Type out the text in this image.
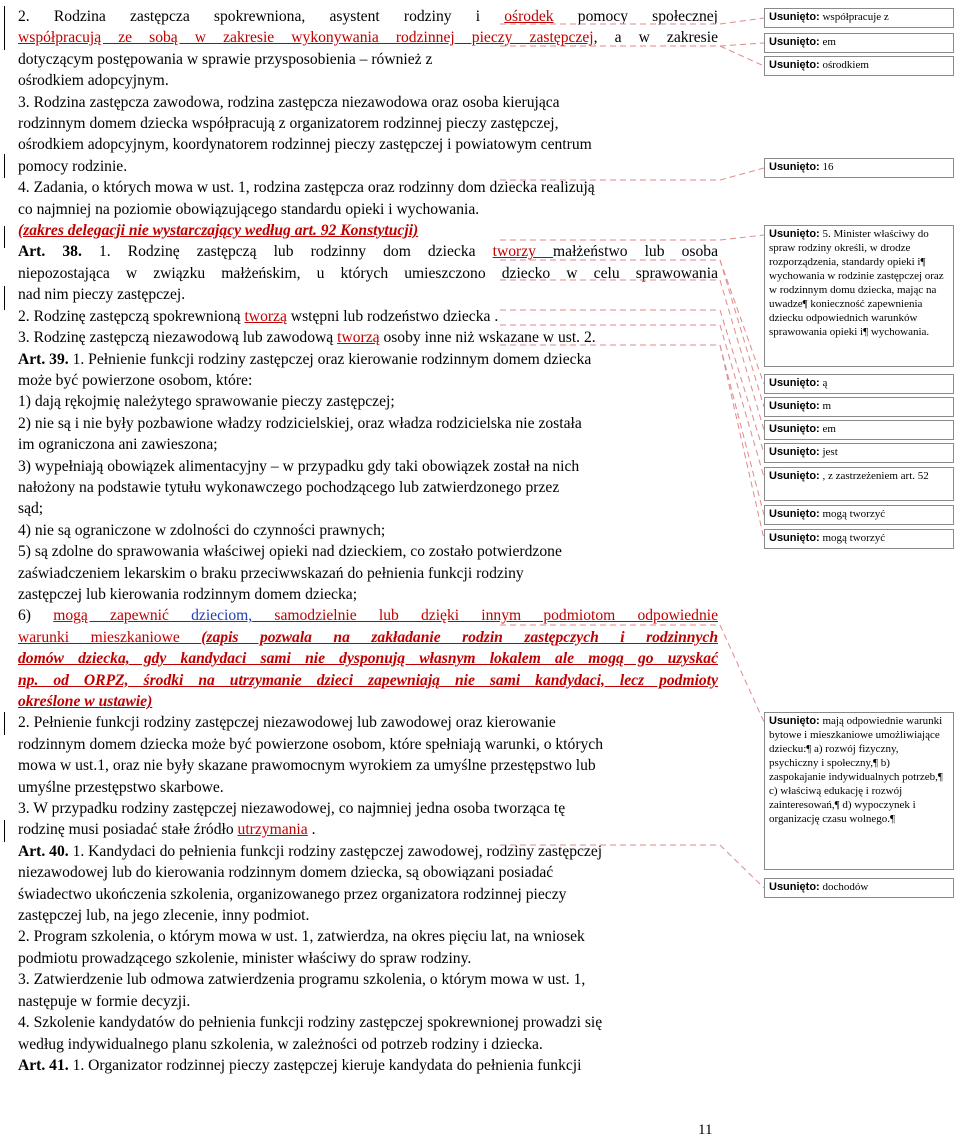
2. Rodzina zastępcza spokrewniona, asystent rodziny i ośrodek pomocy społecznej
współpracują ze sobą w zakresie wykonywania rodzinnej pieczy zastępczej, a w zakresie
dotyczącym postępowania w sprawie przysposobienia – również z
ośrodkiem adopcyjnym.
3. Rodzina zastępcza zawodowa, rodzina zastępcza niezawodowa oraz osoba kierująca
rodzinnym domem dziecka współpracują z organizatorem rodzinnej pieczy zastępczej,
ośrodkiem adopcyjnym, koordynatorem rodzinnej pieczy zastępczej i powiatowym centrum
pomocy rodzinie.
4. Zadania, o których mowa w ust. 1, rodzina zastępcza oraz rodzinny dom dziecka realizują
co najmniej na poziomie obowiązującego standardu opieki i wychowania.
(zakres delegacji nie wystarczający według art. 92 Konstytucji)
Art. 38. 1. Rodzinę zastępczą lub rodzinny dom dziecka tworzy małżeństwo lub osoba
niepozostająca w związku małżeńskim, u których umieszczono dziecko w celu sprawowania
nad nim pieczy zastępczej.
2. Rodzinę zastępczą spokrewnioną tworzą wstępni lub rodzeństwo dziecka .
3. Rodzinę zastępczą niezawodową lub zawodową tworzą osoby inne niż wskazane w ust. 2.
Art. 39. 1. Pełnienie funkcji rodziny zastępczej oraz kierowanie rodzinnym domem dziecka
może być powierzone osobom, które:
1) dają rękojmię należytego sprawowanie pieczy zastępczej;
2) nie są i nie były pozbawione władzy rodzicielskiej, oraz władza rodzicielska nie została
im ograniczona ani zawieszona;
3) wypełniają obowiązek alimentacyjny – w przypadku gdy taki obowiązek został na nich
nałożony na podstawie tytułu wykonawczego pochodzącego lub zatwierdzonego przez
sąd;
4) nie są ograniczone w zdolności do czynności prawnych;
5) są zdolne do sprawowania właściwej opieki nad dzieckiem, co zostało potwierdzone
zaświadczeniem lekarskim o braku przeciwwskazań do pełnienia funkcji rodziny
zastępczej lub kierowania rodzinnym domem dziecka;
6) mogą zapewnić dzieciom, samodzielnie lub dzięki innym podmiotom odpowiednie
warunki mieszkaniowe (zapis pozwala na zakładanie rodzin zastępczych i rodzinnych
domów dziecka, gdy kandydaci sami nie dysponują własnym lokalem ale mogą go uzyskać
np. od ORPZ, środki na utrzymanie dzieci zapewniają nie sami kandydaci, lecz podmioty
określone w ustawie)
2. Pełnienie funkcji rodziny zastępczej niezawodowej lub zawodowej oraz kierowanie
rodzinnym domem dziecka może być powierzone osobom, które spełniają warunki, o których
mowa w ust.1, oraz nie były skazane prawomocnym wyrokiem za umyślne przestępstwo lub
umyślne przestępstwo skarbowe.
3. W przypadku rodziny zastępczej niezawodowej, co najmniej jedna osoba tworząca tę
rodzinę musi posiadać stałe źródło utrzymania .
Art. 40. 1. Kandydaci do pełnienia funkcji rodziny zastępczej zawodowej, rodziny zastępczej
niezawodowej lub do kierowania rodzinnym domem dziecka, są obowiązani posiadać
świadectwo ukończenia szkolenia, organizowanego przez organizatora rodzinnej pieczy
zastępczej lub, na jego zlecenie, inny podmiot.
2. Program szkolenia, o którym mowa w ust. 1, zatwierdza, na okres pięciu lat, na wniosek
podmiotu prowadzącego szkolenie, minister właściwy do spraw rodziny.
3. Zatwierdzenie lub odmowa zatwierdzenia programu szkolenia, o którym mowa w ust. 1,
następuje w formie decyzji.
4. Szkolenie kandydatów do pełnienia funkcji rodziny zastępczej spokrewnionej prowadzi się
według indywidualnego planu szkolenia, w zależności od potrzeb rodziny i dziecka.
Art. 41. 1. Organizator rodzinnej pieczy zastępczej kieruje kandydata do pełnienia funkcji
Usunięto: współpracuje z
Usunięto: em
Usunięto: ośrodkiem
Usunięto: 16
Usunięto: 5. Minister właściwy do spraw rodziny określi, w drodze rozporządzenia, standardy opieki i¶ wychowania w rodzinie zastępczej oraz w rodzinnym domu dziecka, mając na uwadze¶ konieczność zapewnienia dziecku odpowiednich warunków sprawowania opieki i¶ wychowania.
Usunięto: ą
Usunięto: m
Usunięto: em
Usunięto: jest
Usunięto: , z zastrzeżeniem art. 52
Usunięto: mogą tworzyć
Usunięto: mogą tworzyć
Usunięto: mają odpowiednie warunki bytowe i mieszkaniowe umożliwiające dziecku:¶ a) rozwój fizyczny, psychiczny i społeczny,¶ b) zaspokajanie indywidualnych potrzeb,¶ c) właściwą edukację i rozwój zainteresowań,¶ d) wypoczynek i organizację czasu wolnego.¶
Usunięto: dochodów
11
